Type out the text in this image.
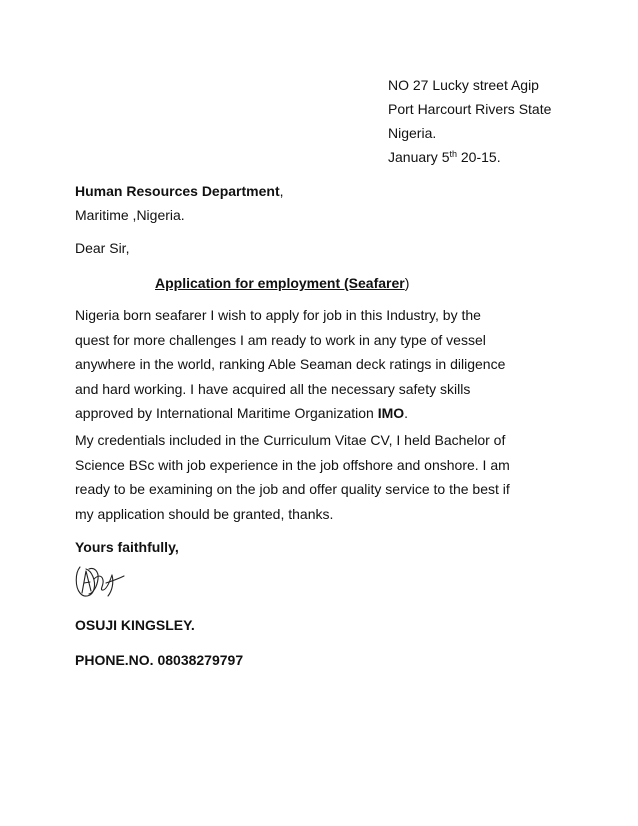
NO 27 Lucky street Agip
Port Harcourt Rivers State
Nigeria.
January 5th 20-15.
Human Resources Department,
Maritime ,Nigeria.
Dear Sir,
Application for employment (Seafarer)
Nigeria born seafarer I wish to apply for job in this Industry, by the
quest for more challenges I am ready to work in any type of vessel
anywhere in the world, ranking Able Seaman deck ratings in diligence
and hard working. I have acquired all the necessary safety skills
approved by International Maritime Organization IMO.
My credentials included in the Curriculum Vitae CV, I held Bachelor of
Science BSc with job experience in the job offshore and onshore. I am
ready to be examining on the job and offer quality service to the best if
my application should be granted, thanks.
Yours faithfully,
OSUJI KINGSLEY.
PHONE.NO. 08038279797
